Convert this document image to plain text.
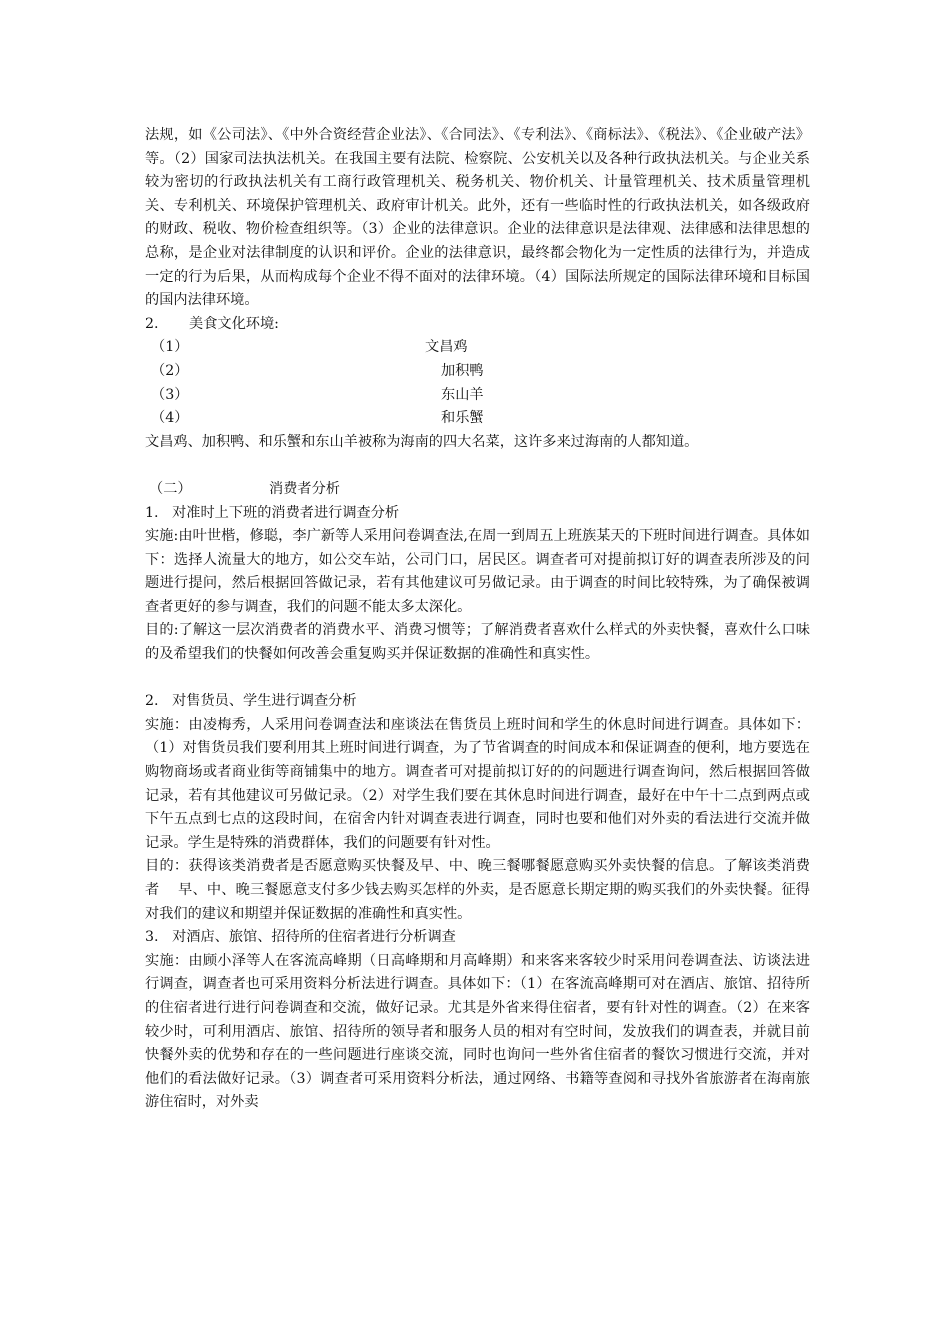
法规，如《公司法》、《中外合资经营企业法》、《合同法》、《专利法》、《商标法》、《税法》、《企业破产法》等。（2）国家司法执法机关。在我国主要有法院、检察院、公安机关以及各种行政执法机关。与企业关系较为密切的行政执法机关有工商行政管理机关、税务机关、物价机关、计量管理机关、技术质量管理机关、专利机关、环境保护管理机关、政府审计机关。此外，还有一些临时性的行政执法机关，如各级政府的财政、税收、物价检查组织等。（3）企业的法律意识。企业的法律意识是法律观、法律感和法律思想的总称，是企业对法律制度的认识和评价。企业的法律意识，最终都会物化为一定性质的法律行为，并造成一定的行为后果，从而构成每个企业不得不面对的法律环境。（4）国际法所规定的国际法律环境和目标国的国内法律环境。

2. 美食文化环境:

（1）	文昌鸡
（2）	加积鸭
（3）	东山羊
（4）	和乐蟹

文昌鸡、加积鸭、和乐蟹和东山羊被称为海南的四大名菜，这许多来过海南的人都知道。

（二）	消费者分析

1.   对准时上下班的消费者进行调查分析

实施:由叶世楷，修聪，李广新等人采用问卷调查法,在周一到周五上班族某天的下班时间进行调查。具体如下：选择人流量大的地方，如公交车站，公司门口，居民区。调查者可对提前拟订好的调查表所涉及的问题进行提问，然后根据回答做记录，若有其他建议可另做记录。由于调查的时间比较特殊，为了确保被调查者更好的参与调查，我们的问题不能太多太深化。

目的:了解这一层次消费者的消费水平、消费习惯等；了解消费者喜欢什么样式的外卖快餐，喜欢什么口味的及希望我们的快餐如何改善会重复购买并保证数据的准确性和真实性。

2.   对售货员、学生进行调查分析

实施：由凌梅秀，人采用问卷调查法和座谈法在售货员上班时间和学生的休息时间进行调查。具体如下：（1）对售货员我们要利用其上班时间进行调查，为了节省调查的时间成本和保证调查的便利，地方要选在购物商场或者商业街等商铺集中的地方。调查者可对提前拟订好的的问题进行调查询问，然后根据回答做记录，若有其他建议可另做记录。（2）对学生我们要在其休息时间进行调查，最好在中午十二点到两点或下午五点到七点的这段时间，在宿舍内针对调查表进行调查，同时也要和他们对外卖的看法进行交流并做记录。学生是特殊的消费群体，我们的问题要有针对性。

目的：获得该类消费者是否愿意购买快餐及早、中、晚三餐哪餐愿意购买外卖快餐的信息。了解该类消费者    早、中、晚三餐愿意支付多少钱去购买怎样的外卖，是否愿意长期定期的购买我们的外卖快餐。征得对我们的建议和期望并保证数据的准确性和真实性。

3.   对酒店、旅馆、招待所的住宿者进行分析调查

实施：由顾小泽等人在客流高峰期（日高峰期和月高峰期）和来客来客较少时采用问卷调查法、访谈法进行调查，调查者也可采用资料分析法进行调查。具体如下：（1）在客流高峰期可对在酒店、旅馆、招待所的住宿者进行进行问卷调查和交流，做好记录。尤其是外省来得住宿者，要有针对性的调查。（2）在来客较少时，可利用酒店、旅馆、招待所的领导者和服务人员的相对有空时间，发放我们的调查表，并就目前快餐外卖的优势和存在的一些问题进行座谈交流，同时也询问一些外省住宿者的餐饮习惯进行交流，并对他们的看法做好记录。（3）调查者可采用资料分析法，通过网络、书籍等查阅和寻找外省旅游者在海南旅游住宿时，对外卖
